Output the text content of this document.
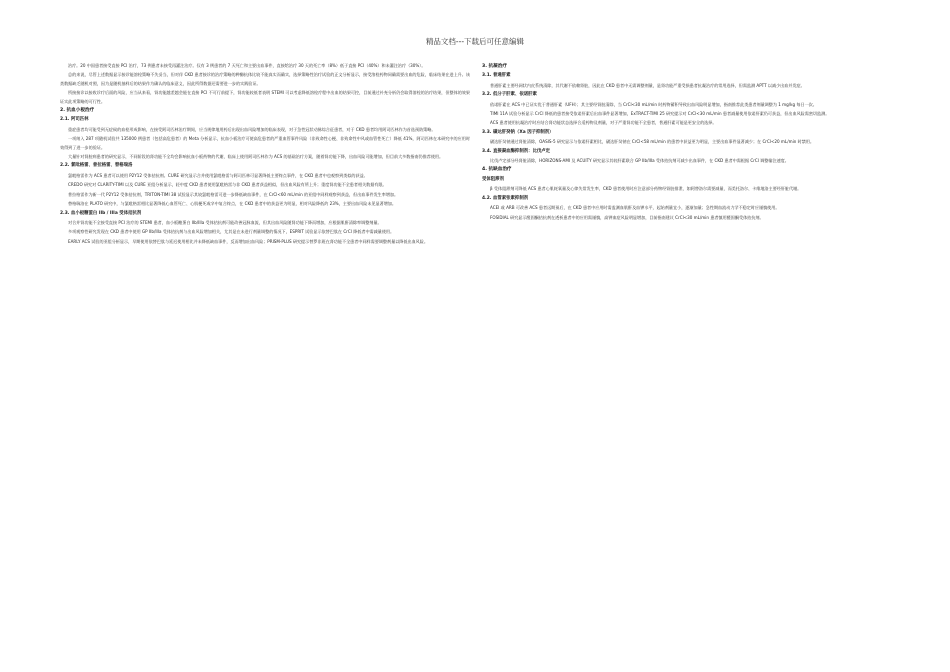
精品文档---下载后可任意编辑

治疗。20 中国患者接受直接 PCI 治疗，73 例患者未接受再灌注治疗。仅有 3 例患者的 7 天死亡和主要出血事件，直接给治疗 30 天的死亡率（8%）低于直接 PCI（40%）和未灌注治疗（30%）。

总的来说，尽管上述数据显示接诊能溶栓策略不失妥当，但对伴 CKD 患者接诊的治疗策略的种酶抗体比较不能真实而确实，选择策略性治疗试验的正文分析显示，接受溶栓药物同确需要出血的危险，临床结果在进上升。该类数据缺乏随机对照，因为是随机抽样后的结果作为确认的临床意义，因此所得数据还需要进一步的实践验证。

所接接诊以接收诊疗后面的风险，应当从来看，肾功能越差越会能在直接 PCI 不可行前提下，肾功能较低者表明 STEMI 可以考虑降低溶栓疗程中出血的结果可控，目前通过补充分析仍会取得溶栓的治疗结果，但整体的效果证实此项策略的可行性。

2. 抗血小板治疗
2.1. 阿司匹林

重症患者均可能受到无症候的血栓形成影响，在接受阿司匹林治疗期间，应当规律地用药后出现出血风险增加的临床表现，对于急性冠状动脉综合征患者，对于 CKD 患者均用阿司匹林作为首选预防策略。

一项纳入 287 项随机试验共 135000 例患者（包括高危患者）的 Meta 分析显示，抗血小板治疗可使高危患者的严重血管事件风险（非致命性心梗、非致命性中风或血管性死亡）降低 41%，阿司匹林在本研究中的应用时效得到了进一步的验证。

大量针对肾脏病患者的研究显示，不同阶段的肾功能不全均会影响抗血小板药物的代谢，临床上使用阿司匹林作为 ACS 的基础治疗方案，随着肾功能下降，出血风险可能增加，但目前大多数指南仍推荐使用。

2.2. 氯吡格雷、普拉格雷、替格瑞洛

氯吡格雷作为 ACS 患者可以使用 P2Y12 受体拮抗剂。CURE 研究显示合并使用氯吡格雷与阿司匹林可显著降低主要终点事件，在 CKD 患者中也观察到类似的获益。

CREDO 研究对 CLARITY-TIMI 以及 CURE 亚组分析显示，轻中度 CKD 患者使用氯吡格雷与非 CKD 患者获益相似，但出血风险有所上升；重度肾功能不全患者相关数据有限。

普拉格雷作为新一代 P2Y12 受体拮抗剂，TRITON-TIMI 38 试验显示其较氯吡格雷可进一步降低缺血事件，在 CrCl<60 mL/min 的亚组中同样观察到获益，但出血事件发生率增加。

替格瑞洛在 PLATO 研究中，与氯吡格雷相比显著降低心血管死亡、心肌梗死或卒中复合终点，在 CKD 患者中的获益更为明显，相对风险降低约 23%，主要出血风险未见显著增加。

2.3. 血小板糖蛋白 IIb / IIIa 受体拮抗剂

对合并肾功能不全接受直接 PCI 治疗的 STEMI 患者，血小板糖蛋白 IIb/IIIa 受体拮抗剂可能改善冠脉血流，但其出血风险随肾功能下降而增加，应根据肌酐清除率调整剂量。

多项观察性研究发现在 CKD 患者中使用 GP IIb/IIIa 受体拮抗剂与出血风险增加相关，尤其是在未进行剂量调整的情况下，ESPRIT 试验显示依替巴肽在 CrCl 降低者中需减量使用。

EARLY ACS 试验的亚组分析显示，早期使用依替巴肽与延迟使用相比并未降低缺血事件，反而增加出血风险；PRISM-PLUS 研究提示替罗非班在肾功能不全患者中同样需要调整剂量以降低出血风险。

3. 抗凝治疗
3.1. 普通肝素

普通肝素主要经网状内皮系统清除，其代谢不依赖肾脏，因此在 CKD 患者中无需调整剂量，是肾功能严重受损患者抗凝治疗的常用选择，但需监测 APTT 以减少出血并发症。

3.2. 低分子肝素、依诺肝素

依诺肝素在 ACS 中已证实优于普通肝素（UFH）；其主要经肾脏清除，当 CrCl<30 mL/min 时药物蓄积导致出血风险明显增加，指南推荐此类患者剂量调整为 1 mg/kg 每日一次。

TIMI 11A 试验分析显示 CrCl 降低的患者接受依诺肝素后出血事件显著增加，ExTRACT-TIMI 25 研究提示对 CrCl<30 mL/min 患者减量使用依诺肝素仍可获益，但出血风险需密切监测。

ACS 患者使用抗凝治疗时应结合肾功能状态选择合适药物及剂量，对于严重肾功能不全患者，普通肝素可能是更安全的选择。

3.3. 磺达肝癸钠（Xa 因子抑制剂）

磺达肝癸钠通过肾脏清除，OASIS-5 研究显示与依诺肝素相比，磺达肝癸钠在 CrCl<58 mL/min 的患者中获益更为明显，主要出血事件显著减少；在 CrCl<20 mL/min 时禁用。

3.4. 直接凝血酶抑制剂：比伐卢定

比伐卢定部分经肾脏清除，HORIZONS-AMI 及 ACUITY 研究显示其较肝素联合 GP IIb/IIIa 受体拮抗剂可减少出血事件，在 CKD 患者中需根据 CrCl 调整输注速度。

4. 抗缺血治疗
受体阻滞剂

β 受体阻滞剂可降低 ACS 患者心肌耗氧量及心律失常发生率，CKD 患者使用时应注意部分药物经肾脏排泄，如阿替洛尔需要减量，而美托洛尔、卡维地洛主要经肝脏代谢。

4.2. 血管紧张素抑制剂

ACEI 或 ARB 可改善 ACS 患者远期预后，在 CKD 患者中应用时需监测血肌酐及血钾水平，起始剂量宜小，逐渐加量；急性期血流动力学不稳定时应谨慎使用。

FOSIDIAL 研究显示醛固酮拮抗剂在透析患者中的应用需谨慎，高钾血症风险明显增加，目前指南建议 CrCl<30 mL/min 患者慎用醛固酮受体拮抗剂。
